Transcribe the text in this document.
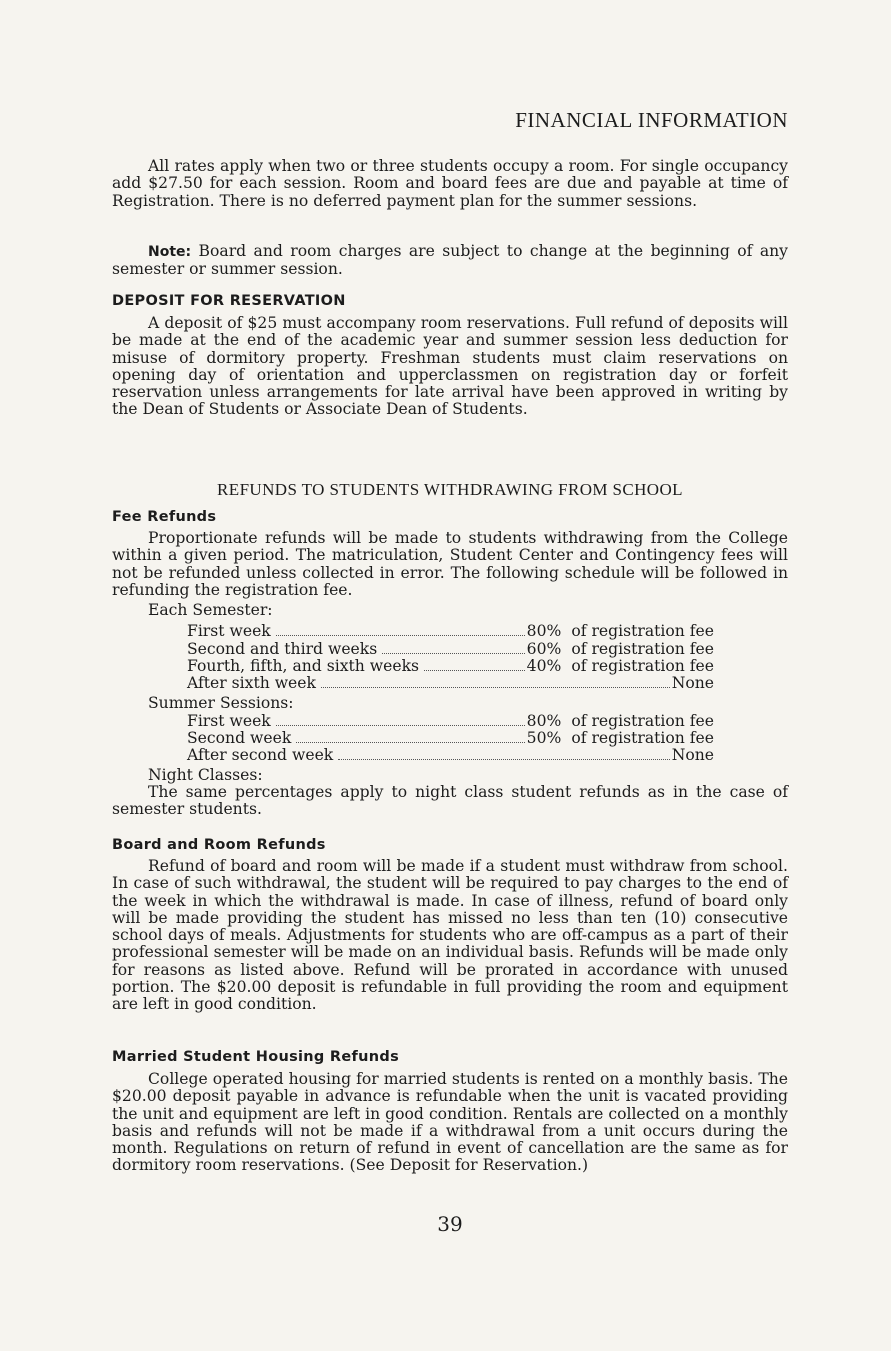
FINANCIAL INFORMATION

All rates apply when two or three students occupy a room. For single occupancy add $27.50 for each session. Room and board fees are due and payable at time of Registration. There is no deferred payment plan for the summer sessions.

Note: Board and room charges are subject to change at the beginning of any semester or summer session.

DEPOSIT FOR RESERVATION

A deposit of $25 must accompany room reservations. Full refund of deposits will be made at the end of the academic year and summer session less deduction for misuse of dormitory property. Freshman students must claim reservations on opening day of orientation and upperclassmen on registration day or forfeit reservation unless arrangements for late arrival have been approved in writing by the Dean of Students or Associate Dean of Students.

REFUNDS TO STUDENTS WITHDRAWING FROM SCHOOL
Fee Refunds

Proportionate refunds will be made to students withdrawing from the College within a given period. The matriculation, Student Center and Contingency fees will not be refunded unless collected in error. The following schedule will be followed in refunding the registration fee.

Each Semester:
First week	80% of registration fee
Second and third weeks	60% of registration fee
Fourth, fifth, and sixth weeks	40% of registration fee
After sixth week	None
Summer Sessions:
First week	80% of registration fee
Second week	50% of registration fee
After second week	None
Night Classes:

The same percentages apply to night class student refunds as in the case of semester students.

Board and Room Refunds

Refund of board and room will be made if a student must withdraw from school. In case of such withdrawal, the student will be required to pay charges to the end of the week in which the withdrawal is made. In case of illness, refund of board only will be made providing the student has missed no less than ten (10) consecutive school days of meals. Adjustments for students who are off-campus as a part of their professional semester will be made on an individual basis. Refunds will be made only for reasons as listed above. Refund will be prorated in accordance with unused portion. The $20.00 deposit is refundable in full providing the room and equipment are left in good condition.

Married Student Housing Refunds

College operated housing for married students is rented on a monthly basis. The $20.00 deposit payable in advance is refundable when the unit is vacated providing the unit and equipment are left in good condition. Rentals are collected on a monthly basis and refunds will not be made if a withdrawal from a unit occurs during the month. Regulations on return of refund in event of cancellation are the same as for dormitory room reservations. (See Deposit for Reservation.)

39
